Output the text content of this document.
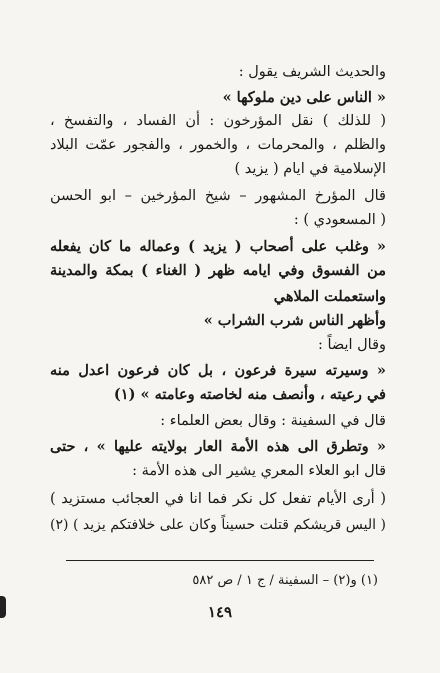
والحديث الشريف يقول :
« الناس على دين ملوكها »
( للذلك ) نقل المؤرخون : أن الفساد ، والتفسخ ،
والظلم ، والمحرمات ، والخمور ، والفجور عمّت البلاد
الإسلامية في ايام ( يزيد )
قال المؤرخ المشهور – شيخ المؤرخين – ابو الحسن
( المسعودي ) :
« وغلب على أصحاب ( يزيد ) وعماله ما كان يفعله
من الفسوق وفي ايامه ظهر ( الغناء ) بمكة والمدينة
واستعملت الملاهي
وأظهر الناس شرب الشراب »
وقال ايضاً :
« وسيرته سيرة فرعون ، بل كان فرعون اعدل منه
في رعيته ، وأنصف منه لخاصته وعامته » (١)
قال في السفينة : وقال بعض العلماء :
« وتطرق الى هذه الأمة العار بولايته عليها » ، حتى
قال ابو العلاء المعري يشير الى هذه الأمة :
( أرى الأيام تفعل كل نكر فما انا في العجائب مستزيد )
( اليس قريشكم قتلت حسيناً وكان على خلافتكم يزيد ) (٢)
(١) و(٢) – السفينة / ج ١ / ص ٥٨٢
١٤٩
